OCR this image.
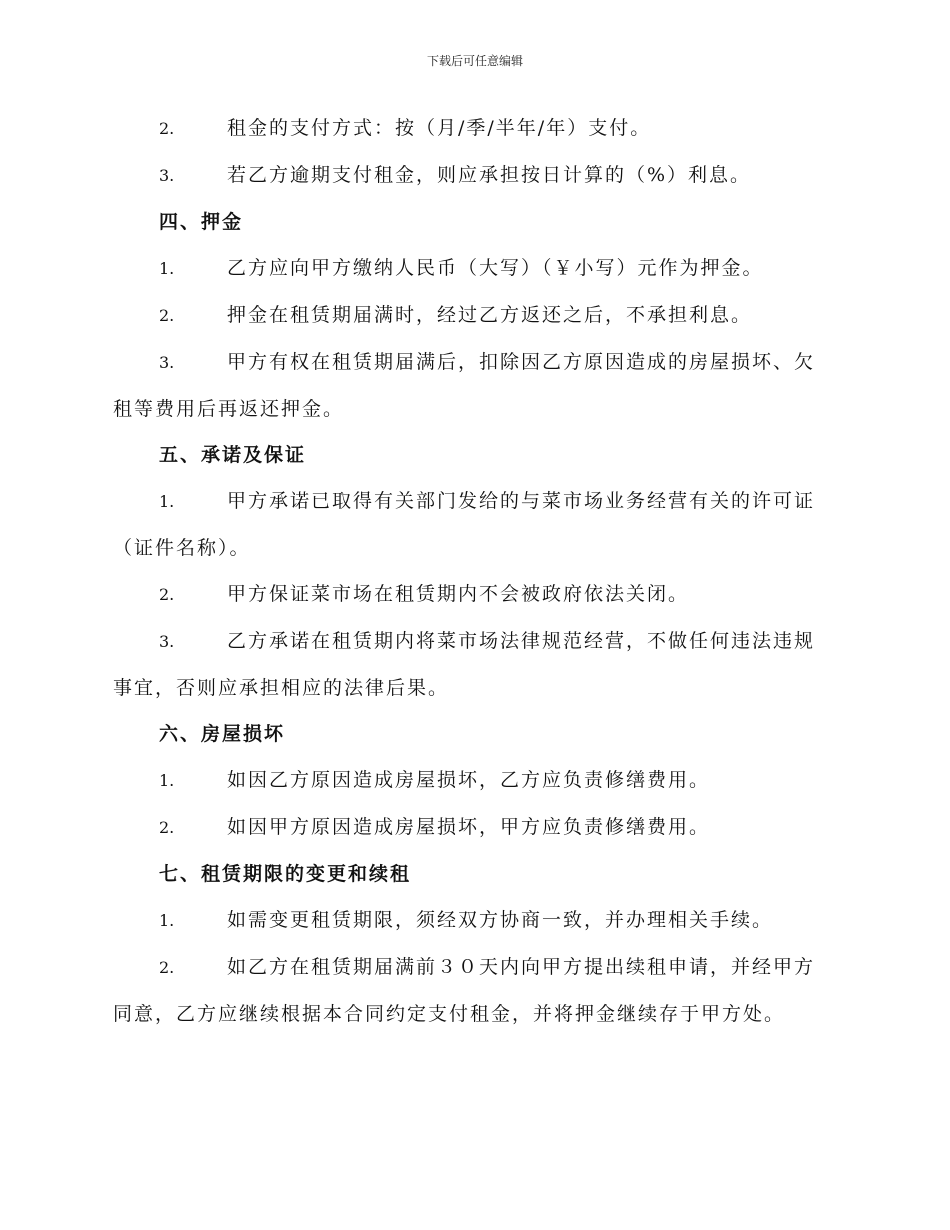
下载后可任意编辑

2.	租金的支付方式：按（月/季/半年/年）支付。

3.	若乙方逾期支付租金，则应承担按日计算的（%）利息。

四、押金

1.	乙方应向甲方缴纳人民币（大写）（￥小写）元作为押金。

2.	押金在租赁期届满时，经过乙方返还之后，不承担利息。

3.	甲方有权在租赁期届满后，扣除因乙方原因造成的房屋损坏、欠租等费用后再返还押金。

五、承诺及保证

1.	甲方承诺已取得有关部门发给的与菜市场业务经营有关的许可证（证件名称）。

2.	甲方保证菜市场在租赁期内不会被政府依法关闭。

3.	乙方承诺在租赁期内将菜市场法律规范经营，不做任何违法违规事宜，否则应承担相应的法律后果。

六、房屋损坏

1.	如因乙方原因造成房屋损坏，乙方应负责修缮费用。

2.	如因甲方原因造成房屋损坏，甲方应负责修缮费用。

七、租赁期限的变更和续租

1.	如需变更租赁期限，须经双方协商一致，并办理相关手续。

2.	如乙方在租赁期届满前３０天内向甲方提出续租申请，并经甲方同意，乙方应继续根据本合同约定支付租金，并将押金继续存于甲方处。
